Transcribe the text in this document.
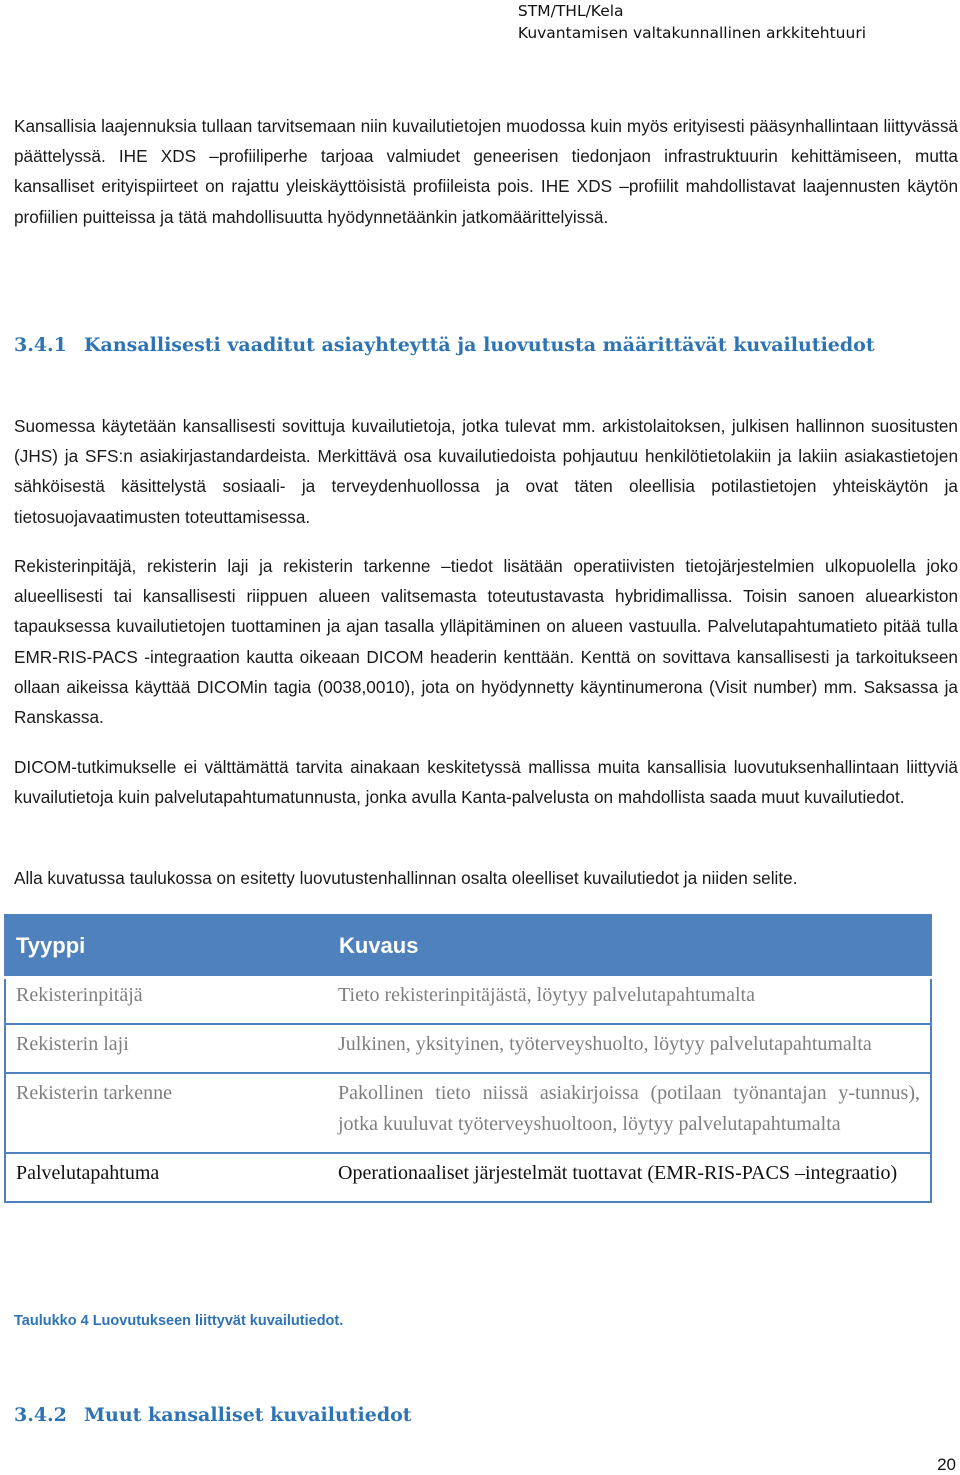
STM/THL/Kela
Kuvantamisen valtakunnallinen arkkitehtuuri

Kansallisia laajennuksia tullaan tarvitsemaan niin kuvailutietojen muodossa kuin myös erityisesti pääsynhallintaan liittyvässä päättelyssä. IHE XDS –profiiliperhe tarjoaa valmiudet geneerisen tiedonjaon infrastruktuurin kehittämiseen, mutta kansalliset erityispiirteet on rajattu yleiskäyttöisistä profiileista pois. IHE XDS –profiilit mahdollistavat laajennusten käytön profiilien puitteissa ja tätä mahdollisuutta hyödynnetäänkin jatkomäärittelyissä.

3.4.1 Kansallisesti vaaditut asiayhteyttä ja luovutusta määrittävät kuvailutiedot

Suomessa käytetään kansallisesti sovittuja kuvailutietoja, jotka tulevat mm. arkistolaitoksen, julkisen hallinnon suositusten (JHS) ja SFS:n asiakirjastandardeista. Merkittävä osa kuvailutiedoista pohjautuu henkilötietolakiin ja lakiin asiakastietojen sähköisestä käsittelystä sosiaali- ja terveydenhuollossa ja ovat täten oleellisia potilastietojen yhteiskäytön ja tietosuojavaatimusten toteuttamisessa.

Rekisterinpitäjä, rekisterin laji ja rekisterin tarkenne –tiedot lisätään operatiivisten tietojärjestelmien ulkopuolella joko alueellisesti tai kansallisesti riippuen alueen valitsemasta toteutustavasta hybridimallissa. Toisin sanoen aluearkiston tapauksessa kuvailutietojen tuottaminen ja ajan tasalla ylläpitäminen on alueen vastuulla. Palvelutapahtumatieto pitää tulla EMR-RIS-PACS -integraation kautta oikeaan DICOM headerin kenttään. Kenttä on sovittava kansallisesti ja tarkoitukseen ollaan aikeissa käyttää DICOMin tagia (0038,0010), jota on hyödynnetty käyntinumerona (Visit number) mm. Saksassa ja Ranskassa.

DICOM-tutkimukselle ei välttämättä tarvita ainakaan keskitetyssä mallissa muita kansallisia luovutuksenhallintaan liittyviä kuvailutietoja kuin palvelutapahtumatunnusta, jonka avulla Kanta-palvelusta on mahdollista saada muut kuvailutiedot.

Alla kuvatussa taulukossa on esitetty luovutustenhallinnan osalta oleelliset kuvailutiedot ja niiden selite.

Tyyppi	Kuvaus
Rekisterinpitäjä	Tieto rekisterinpitäjästä, löytyy palvelutapahtumalta
Rekisterin laji	Julkinen, yksityinen, työterveyshuolto, löytyy palvelutapahtumalta
Rekisterin tarkenne	Pakollinen tieto niissä asiakirjoissa (potilaan työnantajan y-tunnus), jotka kuuluvat työterveyshuoltoon, löytyy palvelutapahtumalta
Palvelutapahtuma	Operationaaliset järjestelmät tuottavat (EMR-RIS-PACS –integraatio)

Taulukko 4 Luovutukseen liittyvät kuvailutiedot.

3.4.2 Muut kansalliset kuvailutiedot
20
